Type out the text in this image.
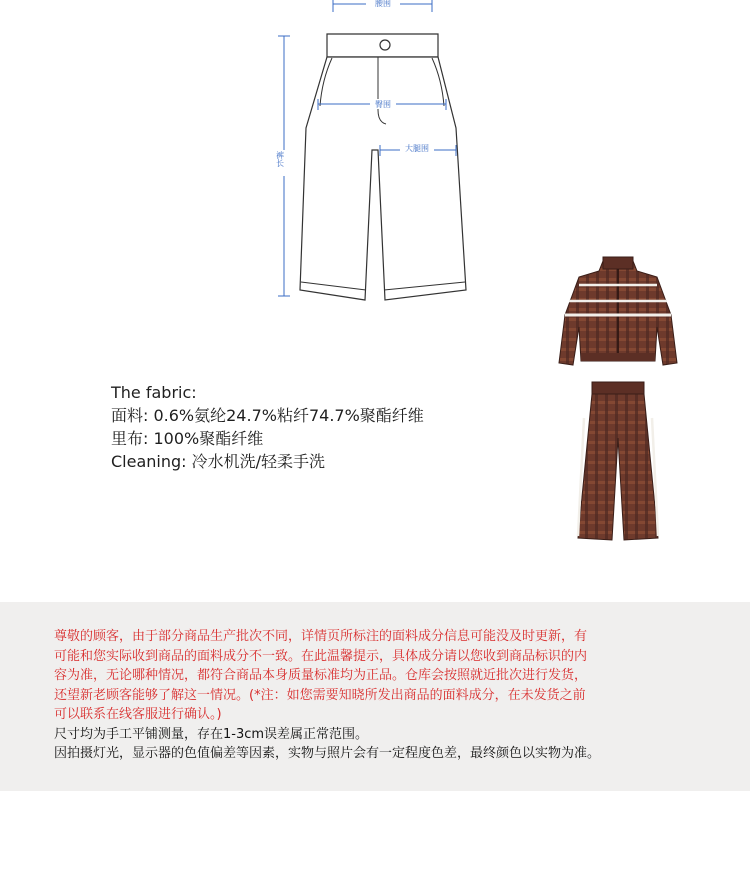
腰围
臀围
大腿围
裤长
The fabric:
面料: 0.6%氨纶24.7%粘纤74.7%聚酯纤维
里布: 100%聚酯纤维
Cleaning: 冷水机洗/轻柔手洗
尊敬的顾客，由于部分商品生产批次不同，详情页所标注的面料成分信息可能没及时更新，有
可能和您实际收到商品的面料成分不一致。在此温馨提示，具体成分请以您收到商品标识的内
容为准，无论哪种情况，都符合商品本身质量标准均为正品。仓库会按照就近批次进行发货，
还望新老顾客能够了解这一情况。(*注：如您需要知晓所发出商品的面料成分，在未发货之前
可以联系在线客服进行确认。)
尺寸均为手工平铺测量，存在1-3cm误差属正常范围。
因拍摄灯光，显示器的色值偏差等因素，实物与照片会有一定程度色差，最终颜色以实物为准。
